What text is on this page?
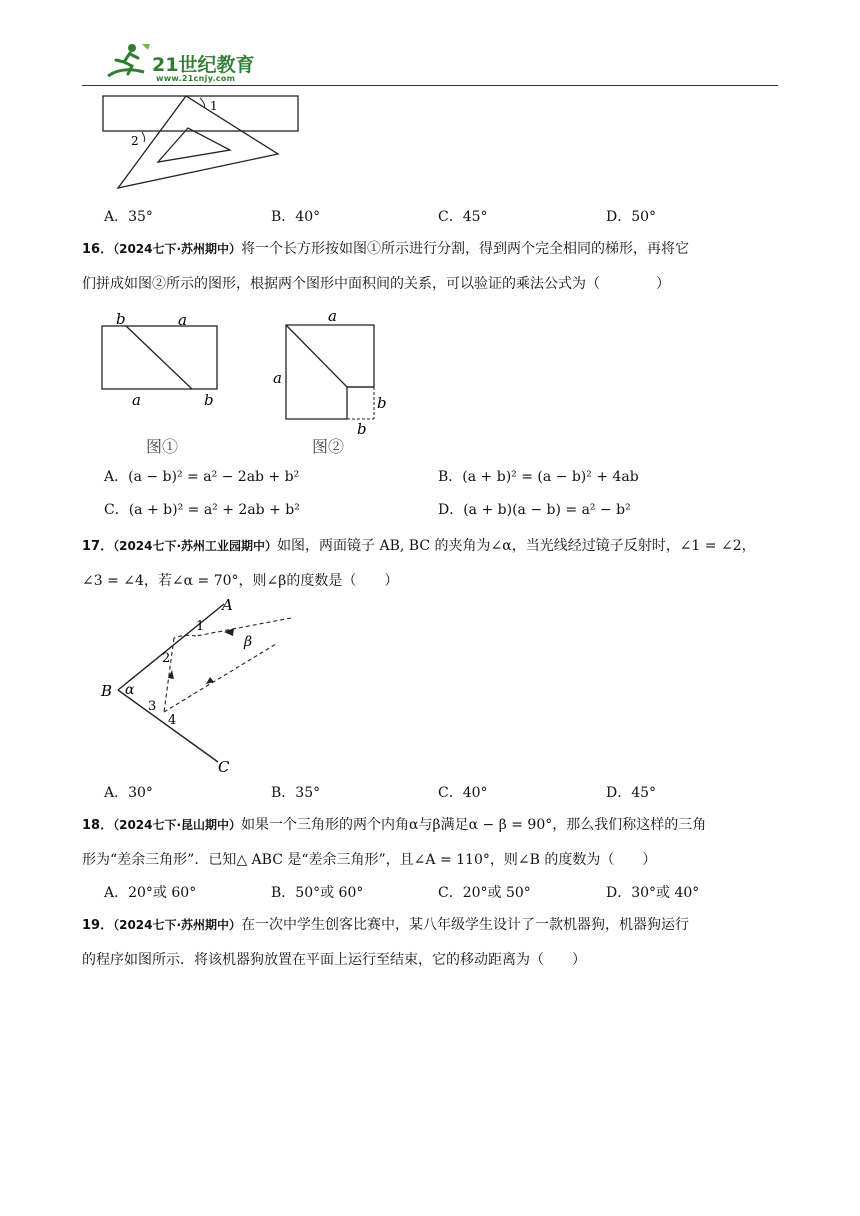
21世纪教育
www.21cnjy.com
1
2
A．35°	B．40°	C．45°	D．50°
16．（2024七下·苏州期中）将一个长方形按如图①所示进行分割，得到两个完全相同的梯形，再将它
们拼成如图②所示的图形，根据两个图形中面积间的关系，可以验证的乘法公式为（　　　　）
b	a
a	b
图①
a
a
b
b
图②
A．(a − b)² = a² − 2ab + b²	B．(a + b)² = (a − b)² + 4ab
C．(a + b)² = a² + 2ab + b²	D．(a + b)(a − b) = a² − b²
17．（2024七下·苏州工业园期中）如图，两面镜子 AB, BC 的夹角为∠α，当光线经过镜子反射时，∠1 = ∠2，
∠3 = ∠4，若∠α = 70°，则∠β的度数是（　　）
A
B
C
α
β
1
2
3
4
A．30°	B．35°	C．40°	D．45°
18．（2024七下·昆山期中）如果一个三角形的两个内角α与β满足α − β = 90°，那么我们称这样的三角
形为“差余三角形”．已知△ ABC 是“差余三角形”，且∠A = 110°，则∠B 的度数为（　　）
A．20°或 60°	B．50°或 60°	C．20°或 50°	D．30°或 40°
19．（2024七下·苏州期中）在一次中学生创客比赛中，某八年级学生设计了一款机器狗，机器狗运行
的程序如图所示．将该机器狗放置在平面上运行至结束，它的移动距离为（　　）
